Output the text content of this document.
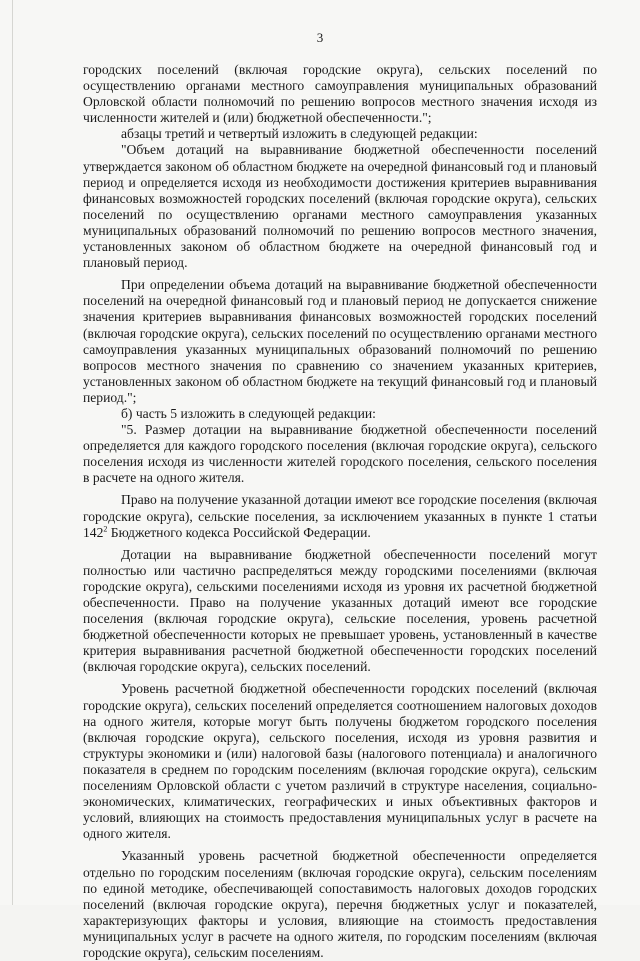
3

городских поселений (включая городские округа), сельских поселений по осуществлению органами местного самоуправления муниципальных образований Орловской области полномочий по решению вопросов местного значения исходя из численности жителей и (или) бюджетной обеспеченности.";

абзацы третий и четвертый изложить в следующей редакции:

"Объем дотаций на выравнивание бюджетной обеспеченности поселений утверждается законом об областном бюджете на очередной финансовый год и плановый период и определяется исходя из необходимости достижения критериев выравнивания финансовых возможностей городских поселений (включая городские округа), сельских поселений по осуществлению органами местного самоуправления указанных муниципальных образований полномочий по решению вопросов местного значения, установленных законом об областном бюджете на очередной финансовый год и плановый период.

При определении объема дотаций на выравнивание бюджетной обеспеченности поселений на очередной финансовый год и плановый период не допускается снижение значения критериев выравнивания финансовых возможностей городских поселений (включая городские округа), сельских поселений по осуществлению органами местного самоуправления указанных муниципальных образований полномочий по решению вопросов местного значения по сравнению со значением указанных критериев, установленных законом об областном бюджете на текущий финансовый год и плановый период.";

б) часть 5 изложить в следующей редакции:

"5. Размер дотации на выравнивание бюджетной обеспеченности поселений определяется для каждого городского поселения (включая городские округа), сельского поселения исходя из численности жителей городского поселения, сельского поселения в расчете на одного жителя.

Право на получение указанной дотации имеют все городские поселения (включая городские округа), сельские поселения, за исключением указанных в пункте 1 статьи $142^2$ Бюджетного кодекса Российской Федерации.

Дотации на выравнивание бюджетной обеспеченности поселений могут полностью или частично распределяться между городскими поселениями (включая городские округа), сельскими поселениями исходя из уровня их расчетной бюджетной обеспеченности. Право на получение указанных дотаций имеют все городские поселения (включая городские округа), сельские поселения, уровень расчетной бюджетной обеспеченности которых не превышает уровень, установленный в качестве критерия выравнивания расчетной бюджетной обеспеченности городских поселений (включая городские округа), сельских поселений.

Уровень расчетной бюджетной обеспеченности городских поселений (включая городские округа), сельских поселений определяется соотношением налоговых доходов на одного жителя, которые могут быть получены бюджетом городского поселения (включая городские округа), сельского поселения, исходя из уровня развития и структуры экономики и (или) налоговой базы (налогового потенциала) и аналогичного показателя в среднем по городским поселениям (включая городские округа), сельским поселениям Орловской области с учетом различий в структуре населения, социально-экономических, климатических, географических и иных объективных факторов и условий, влияющих на стоимость предоставления муниципальных услуг в расчете на одного жителя.

Указанный уровень расчетной бюджетной обеспеченности определяется отдельно по городским поселениям (включая городские округа), сельским поселениям по единой методике, обеспечивающей сопоставимость налоговых доходов городских поселений (включая городские округа), перечня бюджетных услуг и показателей, характеризующих факторы и условия, влияющие на стоимость предоставления муниципальных услуг в расчете на одного жителя, по городским поселениям (включая городские округа), сельским поселениям.
